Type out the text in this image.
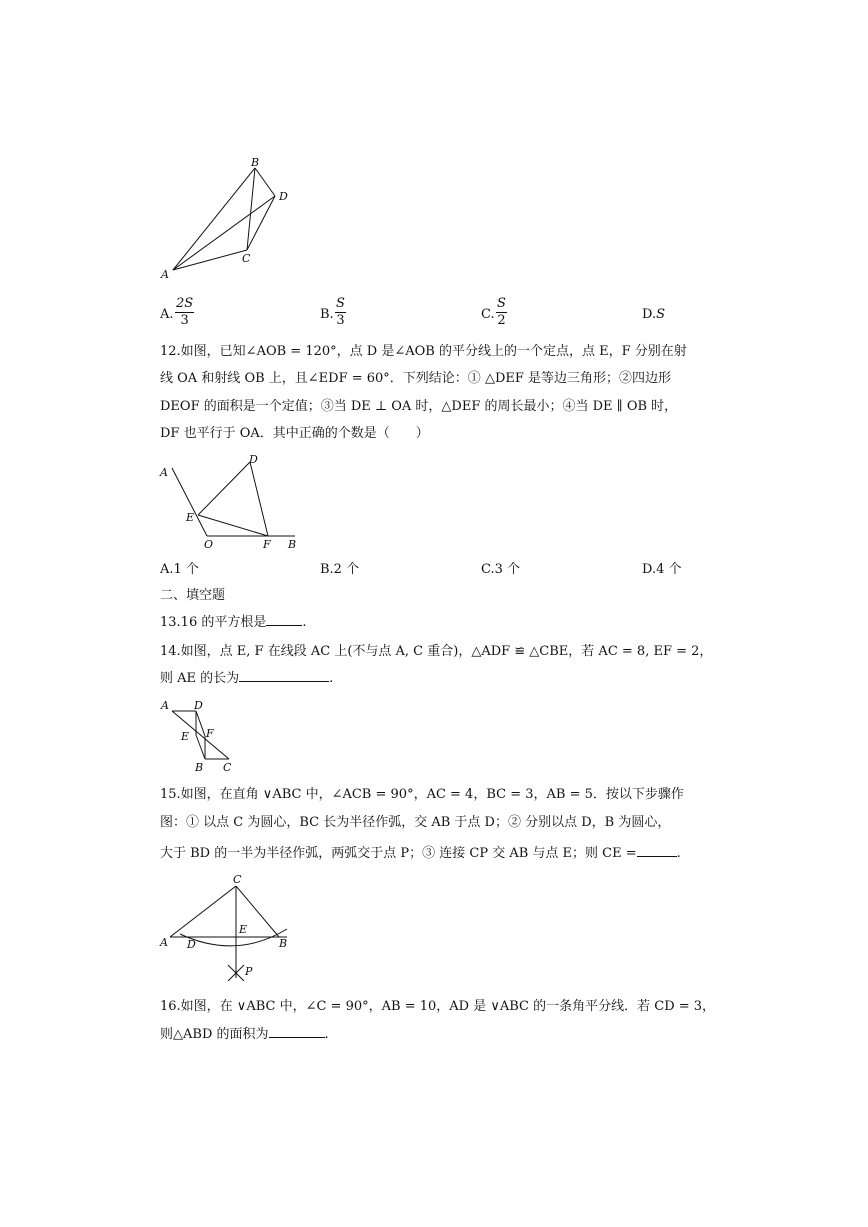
A
B
C
D
A. $\frac{2S}{3}$	B. $\frac{S}{3}$	C. $\frac{S}{2}$	D.S
12.如图，已知∠AOB = 120°，点 D 是∠AOB 的平分线上的一个定点，点 E，F 分别在射
线 OA 和射线 OB 上，且∠EDF = 60°．下列结论：① △DEF 是等边三角形；②四边形
DEOF 的面积是一个定值；③当 DE ⊥ OA 时，△DEF 的周长最小；④当 DE ∥ OB 时，
DF 也平行于 OA．其中正确的个数是（　　）
A
D
E
O	F B
A.1 个	B.2 个	C.3 个	D.4 个
二、填空题
13.16 的平方根是	.
14.如图，点 E, F 在线段 AC 上(不与点 A, C 重合)，△ADF ≌ △CBE，若 AC = 8, EF = 2，
则 AE 的长为	.
A D
E F
B C
15.如图，在直角 ∨ABC 中，∠ACB = 90°，AC = 4，BC = 3，AB = 5．按以下步骤作
图：① 以点 C 为圆心，BC 长为半径作弧，交 AB 于点 D；② 分别以点 D，B 为圆心，
大于 BD 的一半为半径作弧，两弧交于点 P；③ 连接 CP 交 AB 与点 E；则 CE =	.
C
A D
E
B
P
16.如图，在 ∨ABC 中，∠C = 90°，AB = 10，AD 是 ∨ABC 的一条角平分线．若 CD = 3，
则△ABD 的面积为	.
